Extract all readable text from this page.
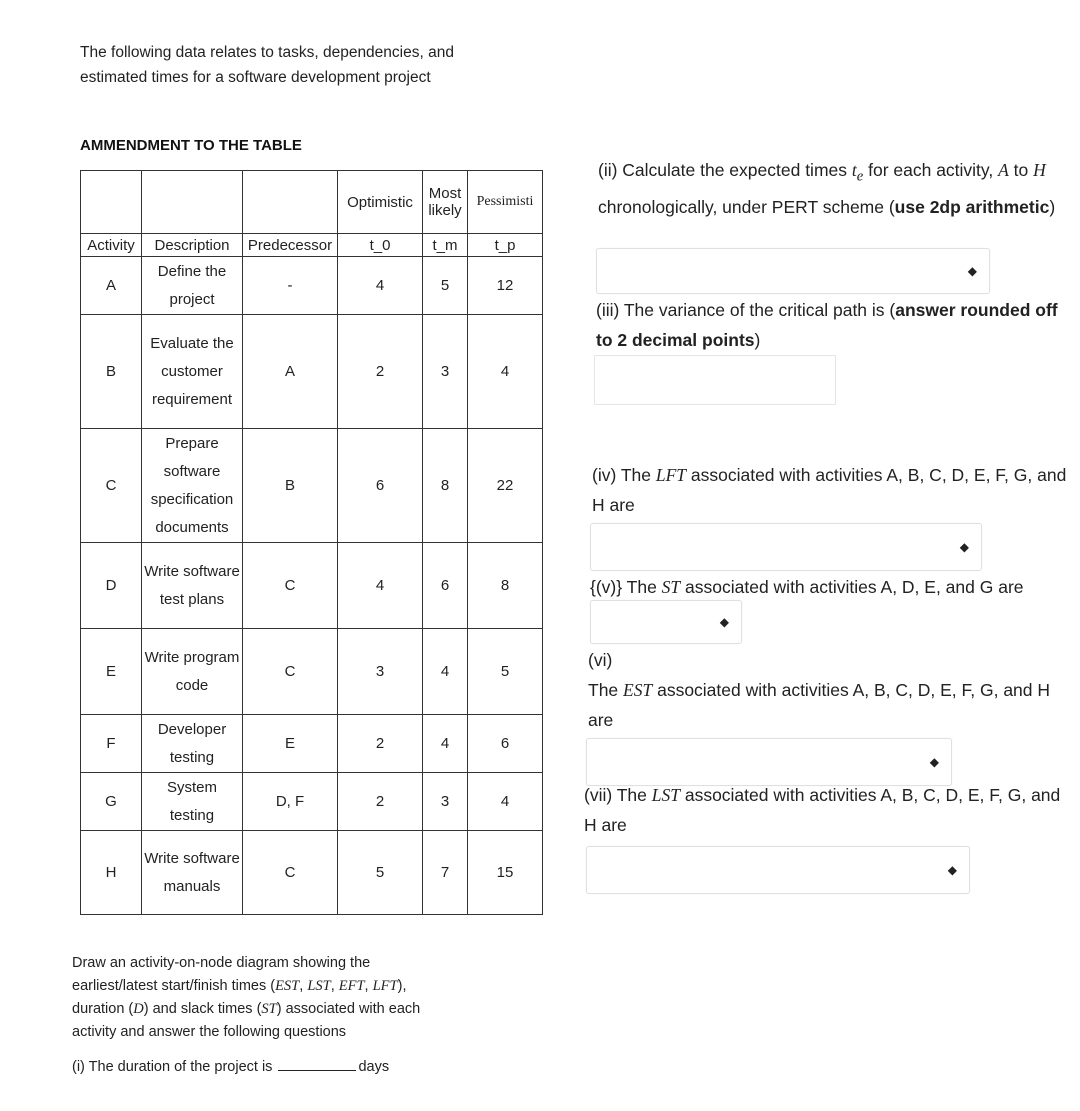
The following data relates to tasks, dependencies, and estimated times for a software development project
AMMENDMENT TO THE TABLE
			Optimistic	Most likely	Pessimisti
Activity	Description	Predecessor	t_0	t_m	t_p
A	Define the project	-	4	5	12
B	Evaluate the customer requirement	A	2	3	4
C	Prepare software specification documents	B	6	8	22
D	Write software test plans	C	4	6	8
E	Write program code	C	3	4	5
F	Developer testing	E	2	4	6
G	System testing	D, F	2	3	4
H	Write software manuals	C	5	7	15
Draw an activity-on-node diagram showing the earliest/latest start/finish times (EST, LST, EFT, LFT), duration (D) and slack times (ST) associated with each activity and answer the following questions
(i) The duration of the project is	days
(ii) Calculate the expected times $t_e$ for each activity, A to H chronologically, under PERT scheme (use 2dp arithmetic)
◆
(iii) The variance of the critical path is (answer rounded off to 2 decimal points)
(iv) The LFT associated with activities A, B, C, D, E, F, G, and H are
◆
{(v)} The ST associated with activities A, D, E, and G are
◆
(vi)
The EST associated with activities A, B, C, D, E, F, G, and H are
◆
(vii) The LST associated with activities A, B, C, D, E, F, G, and H are
◆
